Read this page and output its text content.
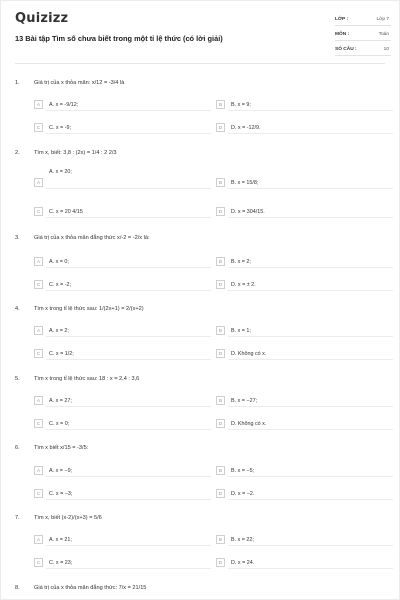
Quizizz
13 Bài tập Tìm số chưa biết trong một tỉ lệ thức (có lời giải)
LỚP :	Lớp 7
MÔN :	Toán
SỐ CÂU :	10
1.	Giá trị của x thỏa mãn: x/12 = -3/4 là
A	A. x = -9/12;	B	B. x = 9;
C	C. x = -9;	D	D. x = -12/9.
2.	Tìm x, biết: 3,8 : (2x) = 1/4 : 2 2/3
A
A. x = 20;
B	B. x = 15/8;
C	C. x = 20 4/15	D	D. x = 304/15.
3.	Giá trị của x thỏa mãn đẳng thức x/-2 = -2/x là:
A	A. x = 0;	B	B. x = 2;
C	C. x = -2;	D	D. x = ± 2.
4.	Tìm x trong tỉ lệ thức sau: 1/(2x+1) = 2/(x+2)
A	A. x = 2;	B	B. x = 1;
C	C. x = 1/2;	D	D. Không có x.
5.	Tìm x trong tỉ lệ thức sau: 18 : x = 2,4 : 3,6
A	A. x = 27;	B	B. x = −27;
C	C. x = 0;	D	D. Không có x.
6.	Tìm x biết x/15 = -3/5:
A	A. x = −9;	B	B. x = −5;
C	C. x = −3;	D	D. x = −2.
7.	Tìm x, biết (x-2)/(x+3) = 5/6
A	A. x = 21;	B	B. x = 22;
C	C. x = 23;	D	D. x = 24.
8.	Giá trị của x thỏa mãn đẳng thức: 7/x = 21/15
